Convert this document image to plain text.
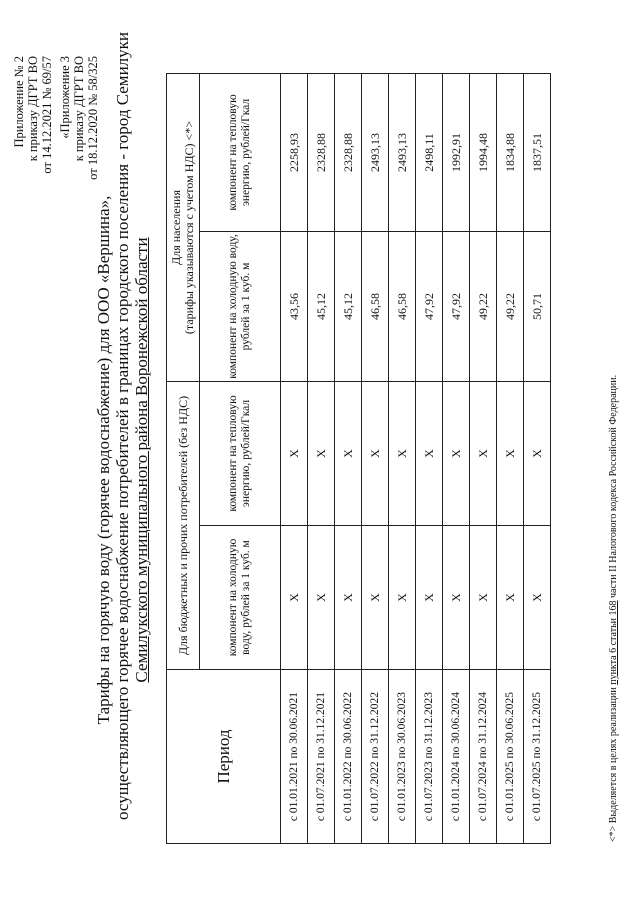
Приложение № 2 к приказу ДГРТ ВО от 14.12.2021 № 69/57 «Приложение 3 к приказу ДГРТ ВО от 18.12.2020 № 58/325
Тарифы на горячую воду (горячее водоснабжение) для ООО «Вершина», осуществляющего горячее водоснабжение потребителей в границах городского поселения - город Семилуки Семилукского муниципального района Воронежской области
Период	Для бюджетных и прочих потребителей (без НДС)		Для населения
(тарифы указываются с учетом НДС) <*>	
	компонент на холодную воду, рублей за 1 куб. м	компонент на тепловую энергию, рублей/Гкал	компонент на холодную воду, рублей за 1 куб. м	компонент на тепловую энергию, рублей/Гкал
с 01.01.2021 по 30.06.2021	X	X	43,56	2258,93
с 01.07.2021 по 31.12.2021	X	X	45,12	2328,88
с 01.01.2022 по 30.06.2022	X	X	45,12	2328,88
с 01.07.2022 по 31.12.2022	X	X	46,58	2493,13
с 01.01.2023 по 30.06.2023	X	X	46,58	2493,13
с 01.07.2023 по 31.12.2023	X	X	47,92	2498,11
с 01.01.2024 по 30.06.2024	X	X	47,92	1992,91
с 01.07.2024 по 31.12.2024	X	X	49,22	1994,48
с 01.01.2025 по 30.06.2025	X	X	49,22	1834,88
с 01.07.2025 по 31.12.2025	X	X	50,71	1837,51
<*> Выделяется в целях реализации пункта 6 статьи 168 части II Налогового кодекса Российской Федерации.
